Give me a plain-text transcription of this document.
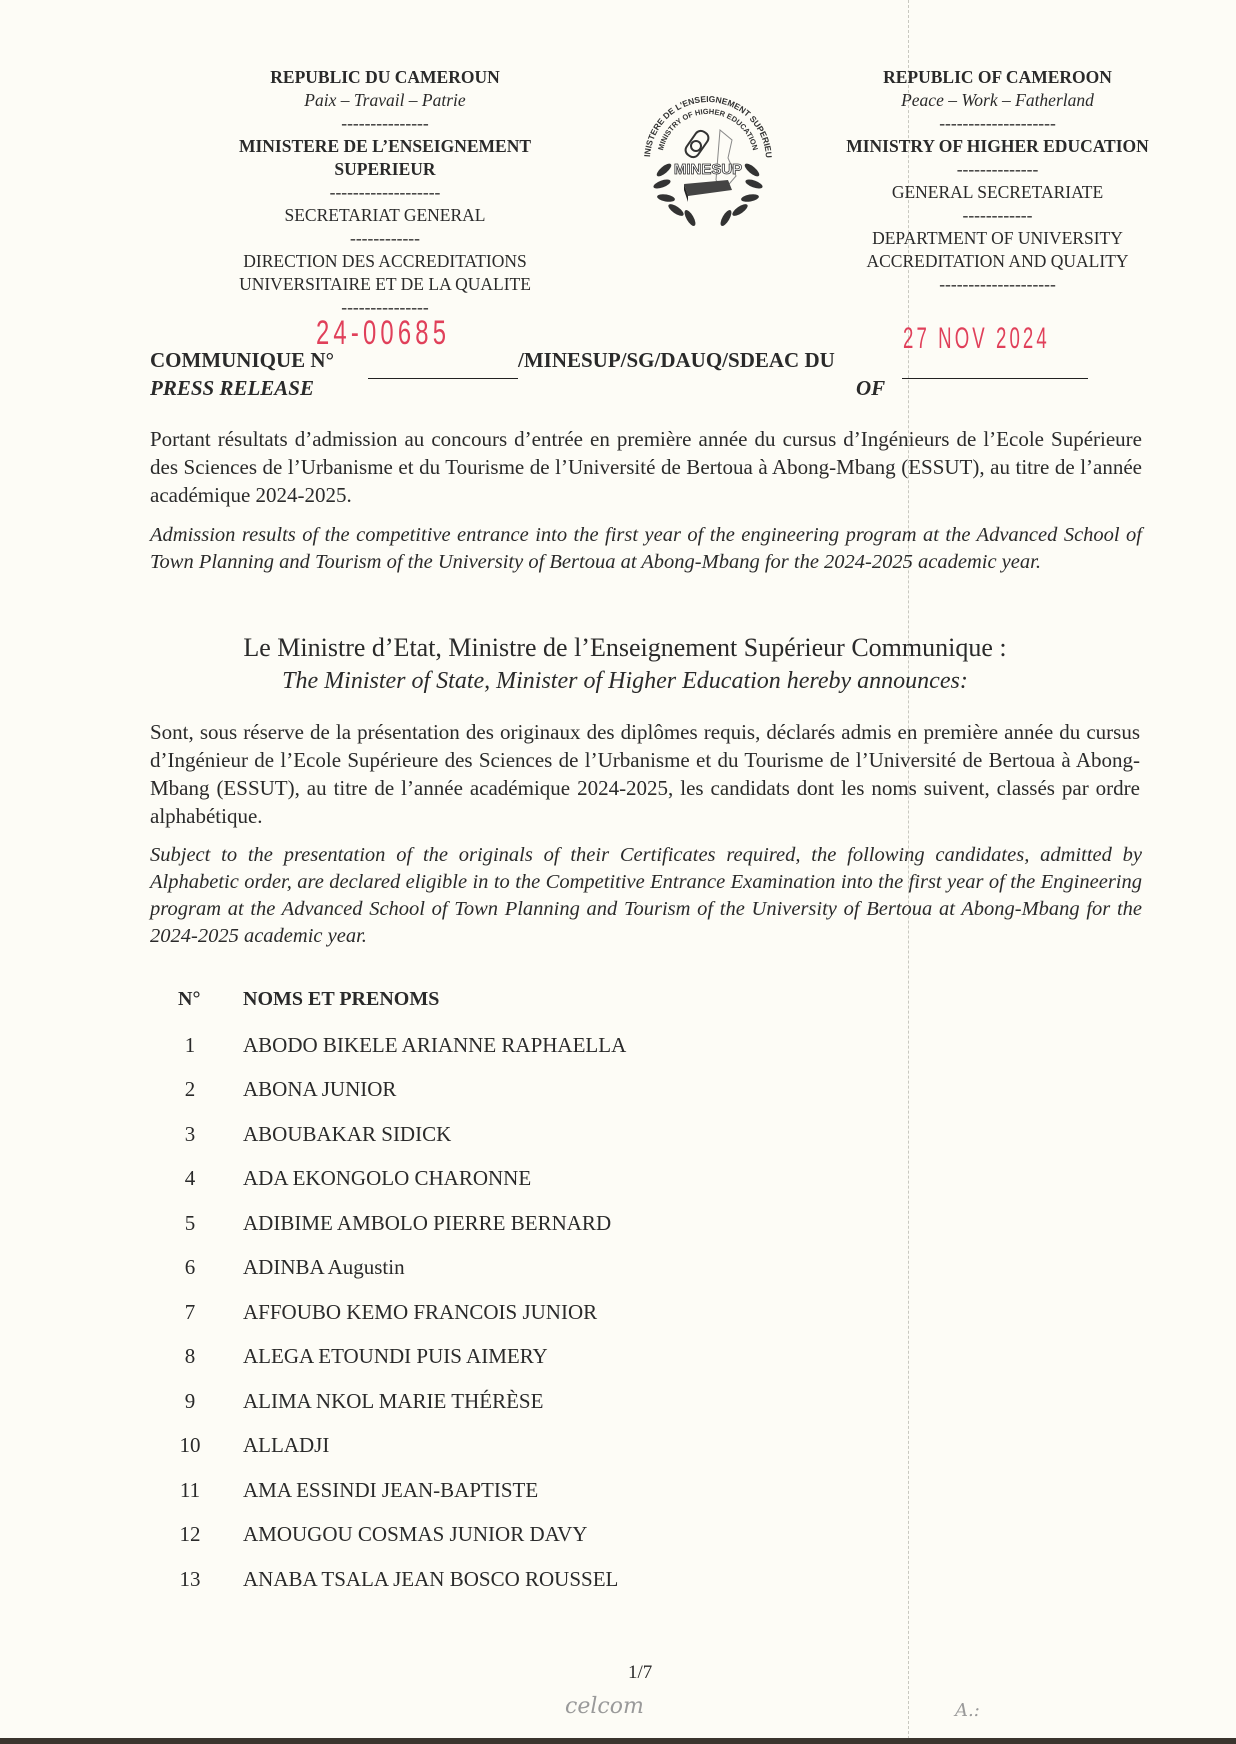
REPUBLIC DU CAMEROUN
Paix – Travail – Patrie
---------------
MINISTERE DE L’ENSEIGNEMENT
SUPERIEUR
-------------------
SECRETARIAT GENERAL
------------
DIRECTION DES ACCREDITATIONS
UNIVERSITAIRE ET DE LA QUALITE
---------------
INISTERE DE L'ENSEIGNEMENT SUPERIEU
MINISTRY OF HIGHER EDUCATION
MINESUP
REPUBLIC OF CAMEROON
Peace – Work – Fatherland
--------------------
MINISTRY OF HIGHER EDUCATION
--------------
GENERAL SECRETARIATE
------------
DEPARTMENT OF UNIVERSITY
ACCREDITATION AND QUALITY
--------------------
COMMUNIQUE N°
24-00685
/MINESUP/SG/DAUQ/SDEAC DU
27 NOV 2024
PRESS RELEASE	OF
Portant résultats d’admission au concours d’entrée en première année du cursus d’Ingénieurs de l’Ecole Supérieure des Sciences de l’Urbanisme et du Tourisme de l’Université de Bertoua à Abong-Mbang (ESSUT), au titre de l’année académique 2024-2025.
Admission results of the competitive entrance into the first year of the engineering program at the Advanced School of Town Planning and Tourism of the University of Bertoua at Abong-Mbang for the 2024-2025 academic year.
Le Ministre d’Etat, Ministre de l’Enseignement Supérieur Communique :
The Minister of State, Minister of Higher Education hereby announces:
Sont, sous réserve de la présentation des originaux des diplômes requis, déclarés admis en première année du cursus d’Ingénieur de l’Ecole Supérieure des Sciences de l’Urbanisme et du Tourisme de l’Université de Bertoua à Abong-Mbang (ESSUT), au titre de l’année académique 2024-2025, les candidats dont les noms suivent, classés par ordre alphabétique.
Subject to the presentation of the originals of their Certificates required, the following candidates, admitted by Alphabetic order, are declared eligible in to the Competitive Entrance Examination into the first year of the Engineering program at the Advanced School of Town Planning and Tourism of the University of Bertoua at Abong-Mbang for the 2024-2025 academic year.
N° NOMS ET PRENOMS
1	ABODO BIKELE ARIANNE RAPHAELLA
2	ABONA JUNIOR
3	ABOUBAKAR SIDICK
4	ADA EKONGOLO CHARONNE
5	ADIBIME AMBOLO PIERRE BERNARD
6	ADINBA Augustin
7	AFFOUBO KEMO FRANCOIS JUNIOR
8	ALEGA ETOUNDI PUIS AIMERY
9	ALIMA NKOL MARIE THÉRÈSE
10	ALLADJI
11	AMA ESSINDI JEAN-BAPTISTE
12	AMOUGOU COSMAS JUNIOR DAVY
13	ANABA TSALA JEAN BOSCO ROUSSEL
1/7
celcom	A.:
